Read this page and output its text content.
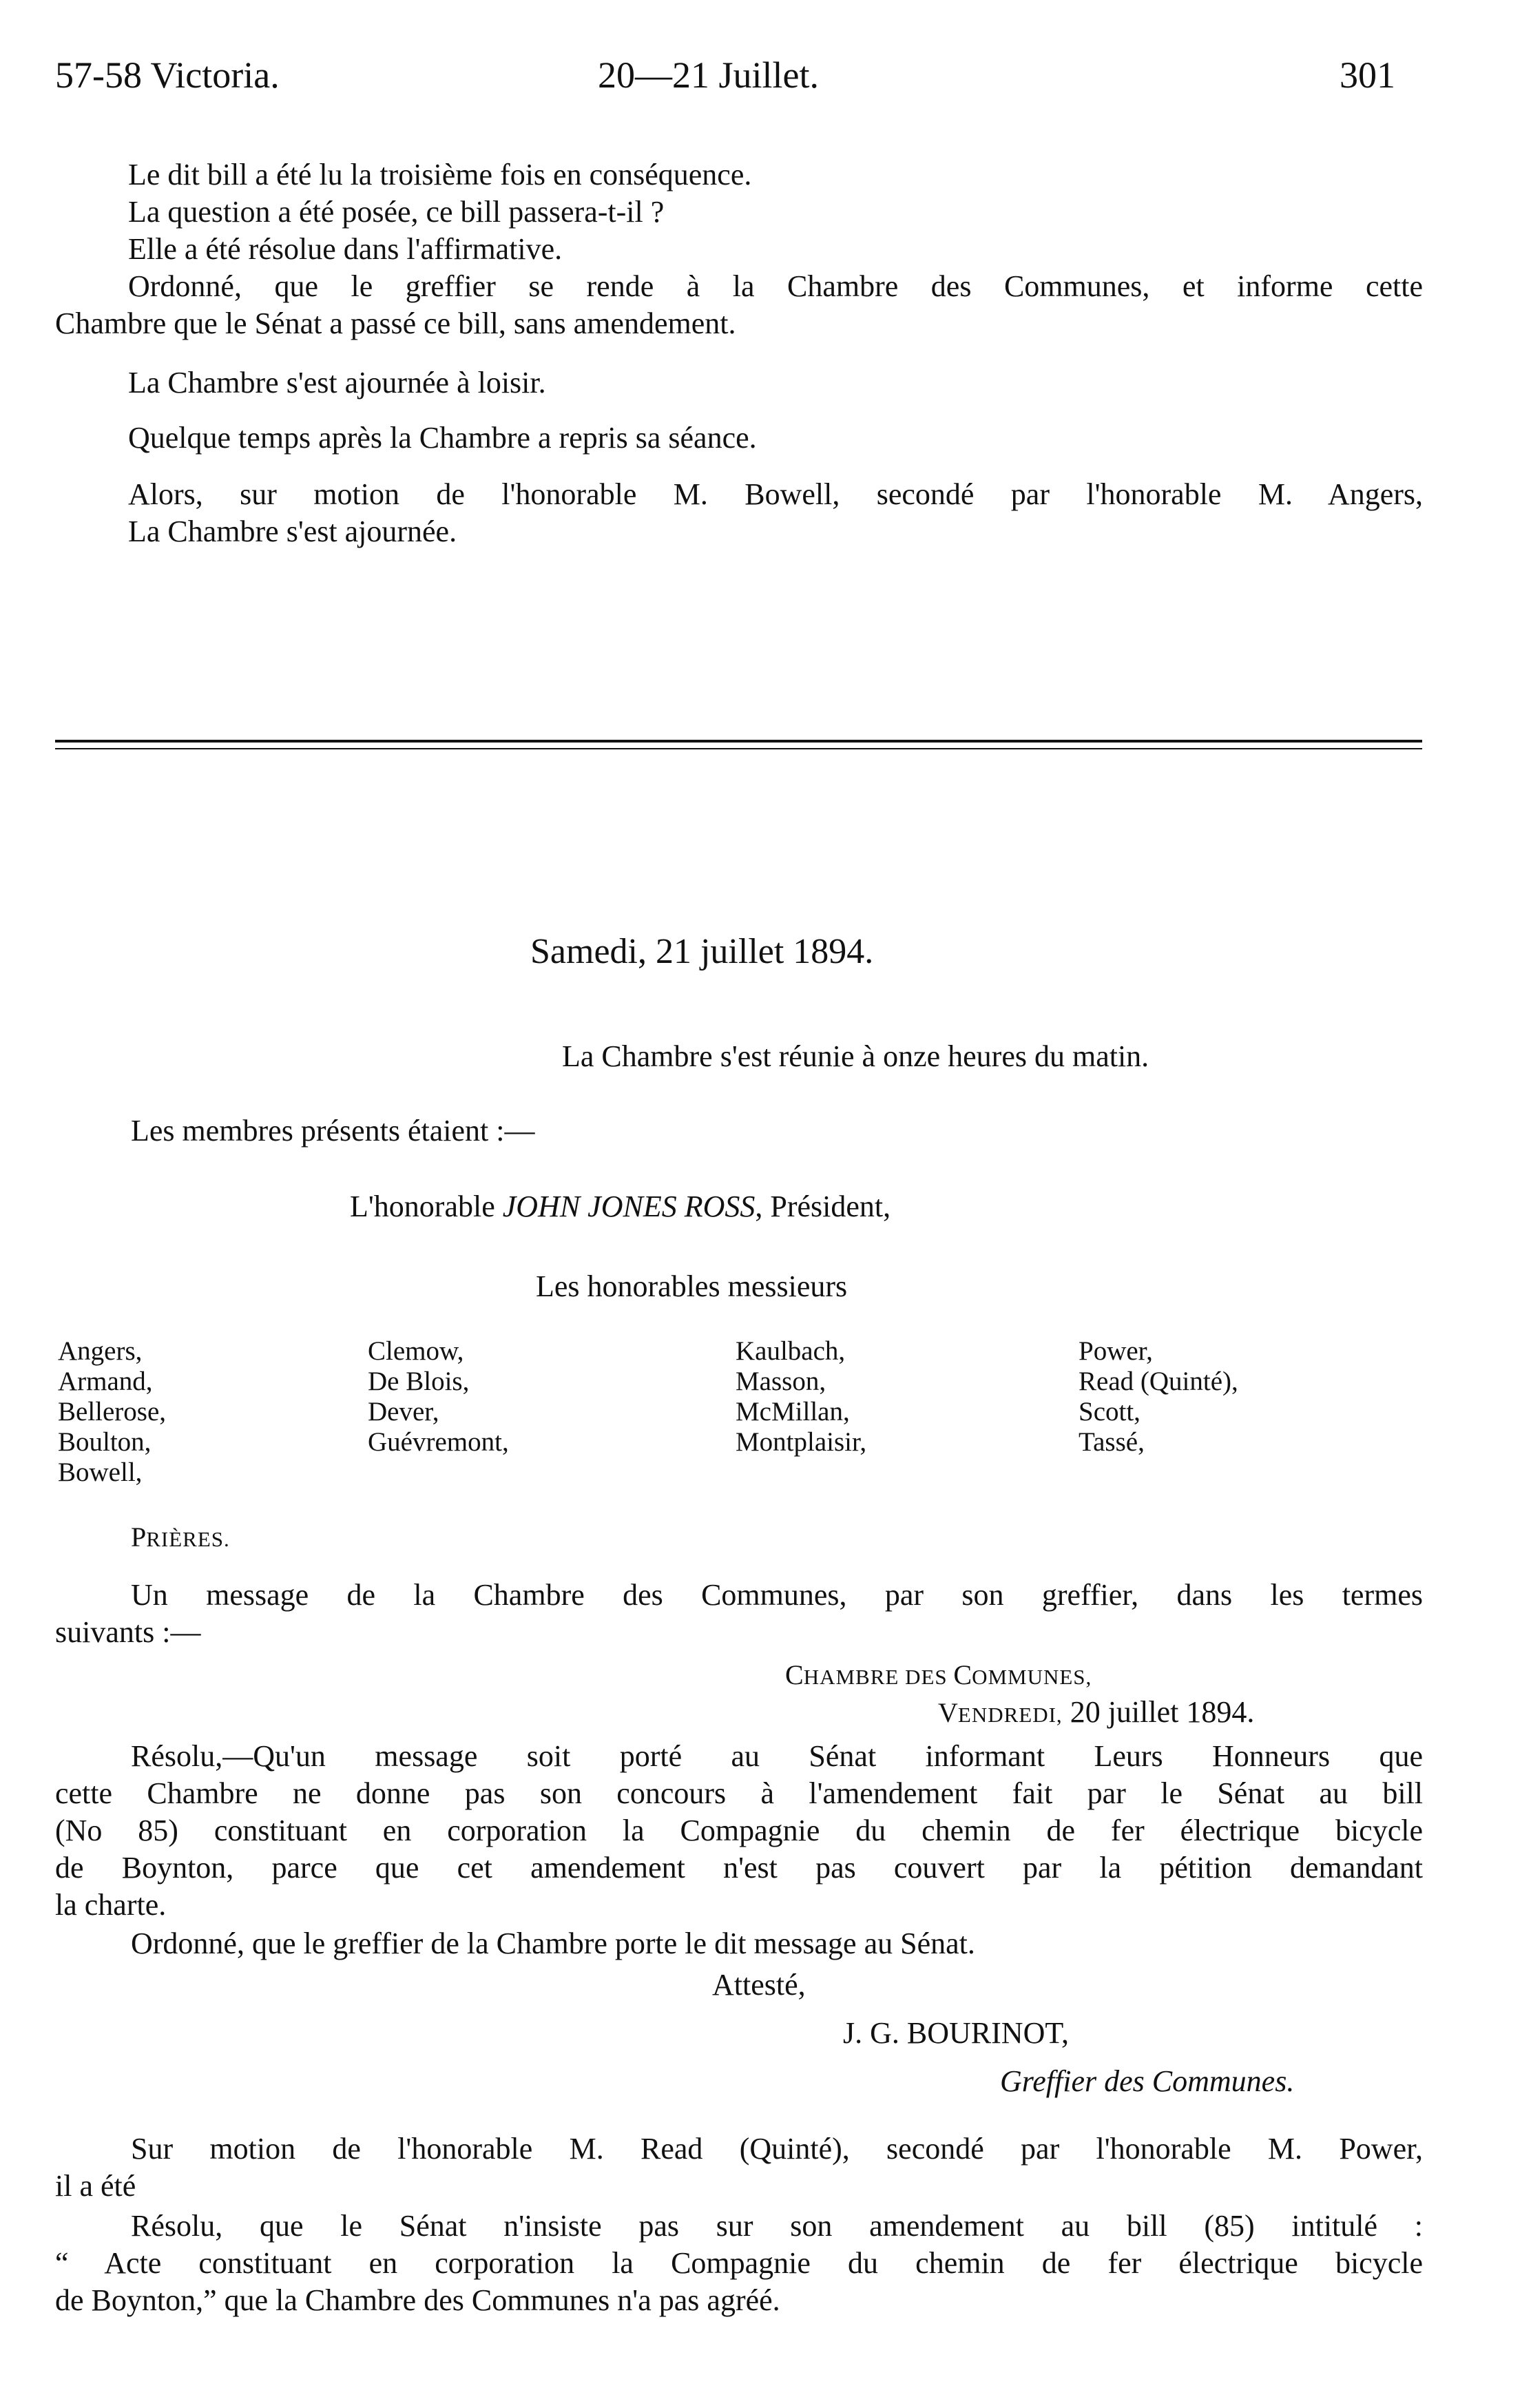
57-58 Victoria.	20—21 Juillet.	301
Le dit bill a été lu la troisième fois en conséquence.
La question a été posée, ce bill passera-t-il ?
Elle a été résolue dans l'affirmative.
Ordonné, que le greffier se rende à la Chambre des Communes, et informe cette
Chambre que le Sénat a passé ce bill, sans amendement.
La Chambre s'est ajournée à loisir.
Quelque temps après la Chambre a repris sa séance.
Alors, sur motion de l'honorable M. Bowell, secondé par l'honorable M. Angers,
La Chambre s'est ajournée.
Samedi, 21 juillet 1894.
La Chambre s'est réunie à onze heures du matin.
Les membres présents étaient :—
L'honorable JOHN JONES ROSS, Président,
Les honorables messieurs
Angers,
Armand,
Bellerose,
Boulton,
Bowell,
Clemow,
De Blois,
Dever,
Guévremont,
Kaulbach,
Masson,
McMillan,
Montplaisir,
Power,
Read (Quinté),
Scott,
Tassé,
PRIÈRES.
Un message de la Chambre des Communes, par son greffier, dans les termes
suivants :—
CHAMBRE DES COMMUNES,
VENDREDI, 20 juillet 1894.
Résolu,—Qu'un message soit porté au Sénat informant Leurs Honneurs que
cette Chambre ne donne pas son concours à l'amendement fait par le Sénat au bill
(No 85) constituant en corporation la Compagnie du chemin de fer électrique bicycle
de Boynton, parce que cet amendement n'est pas couvert par la pétition demandant
la charte.
Ordonné, que le greffier de la Chambre porte le dit message au Sénat.
Attesté,
J. G. BOURINOT,
Greffier des Communes.
Sur motion de l'honorable M. Read (Quinté), secondé par l'honorable M. Power,
il a été
Résolu, que le Sénat n'insiste pas sur son amendement au bill (85) intitulé :
“ Acte constituant en corporation la Compagnie du chemin de fer électrique bicycle
de Boynton,” que la Chambre des Communes n'a pas agréé.
